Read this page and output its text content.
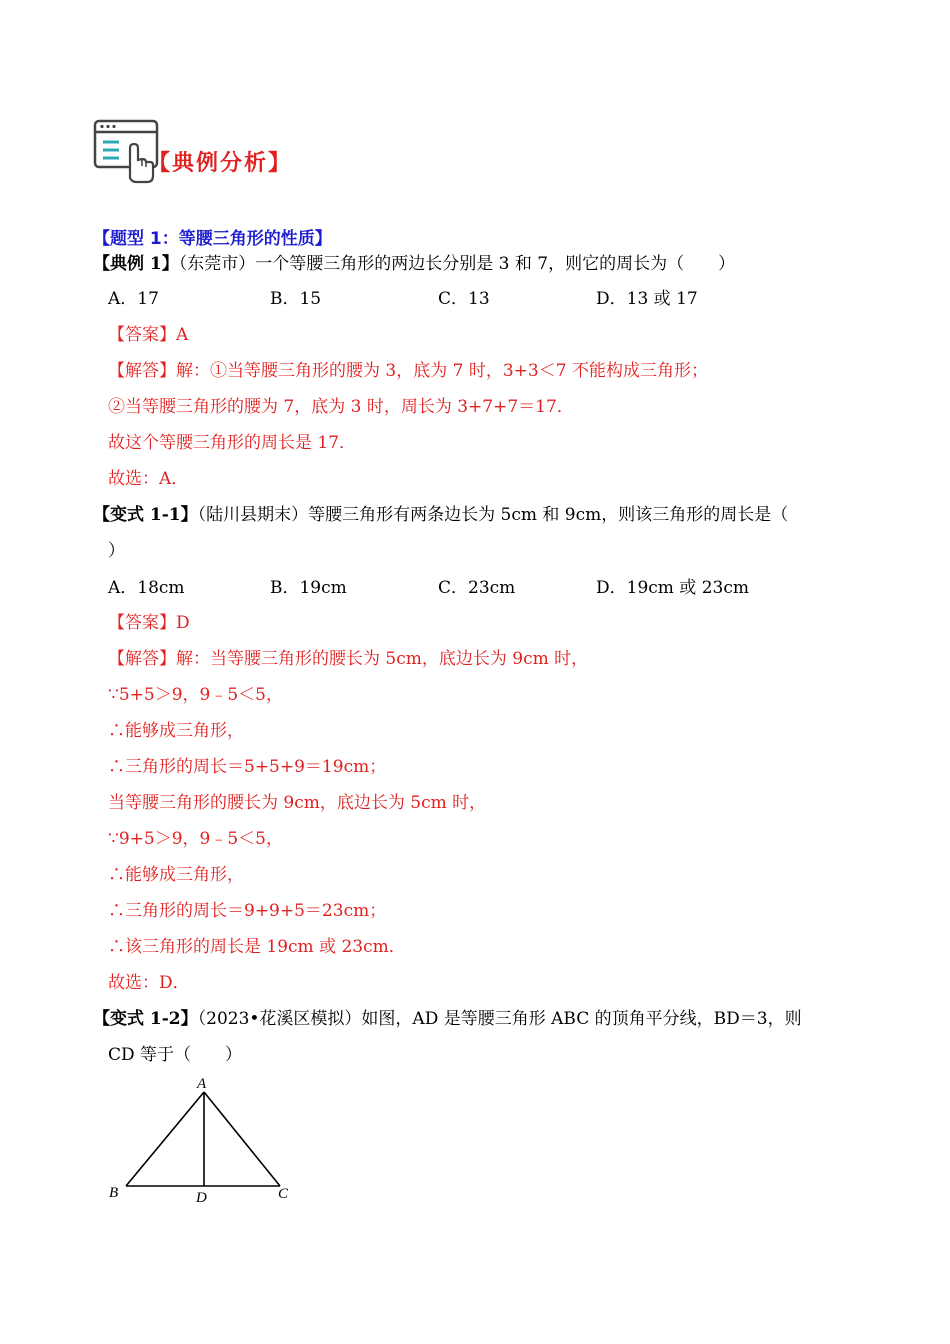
【典例分析】
【题型 1：等腰三角形的性质】
【典例 1】（东莞市）一个等腰三角形的两边长分别是 3 和 7，则它的周长为（　　）
A．17	B．15	C．13	D．13 或 17
【答案】A
【解答】解：①当等腰三角形的腰为 3，底为 7 时，3+3＜7 不能构成三角形；
②当等腰三角形的腰为 7，底为 3 时，周长为 3+7+7＝17．
故这个等腰三角形的周长是 17．
故选：A．
【变式 1-1】（陆川县期末）等腰三角形有两条边长为 5cm 和 9cm，则该三角形的周长是（
）
A．18cm	B．19cm	C．23cm	D．19cm 或 23cm
【答案】D
【解答】解：当等腰三角形的腰长为 5cm，底边长为 9cm 时，
∵5+5＞9，9﹣5＜5，
∴能够成三角形，
∴三角形的周长＝5+5+9＝19cm；
当等腰三角形的腰长为 9cm，底边长为 5cm 时，
∵9+5＞9，9﹣5＜5，
∴能够成三角形，
∴三角形的周长＝9+9+5＝23cm；
∴该三角形的周长是 19cm 或 23cm．
故选：D．
【变式 1-2】（2023•花溪区模拟）如图，AD 是等腰三角形 ABC 的顶角平分线，BD＝3，则
CD 等于（　　）
A
B	D	C
